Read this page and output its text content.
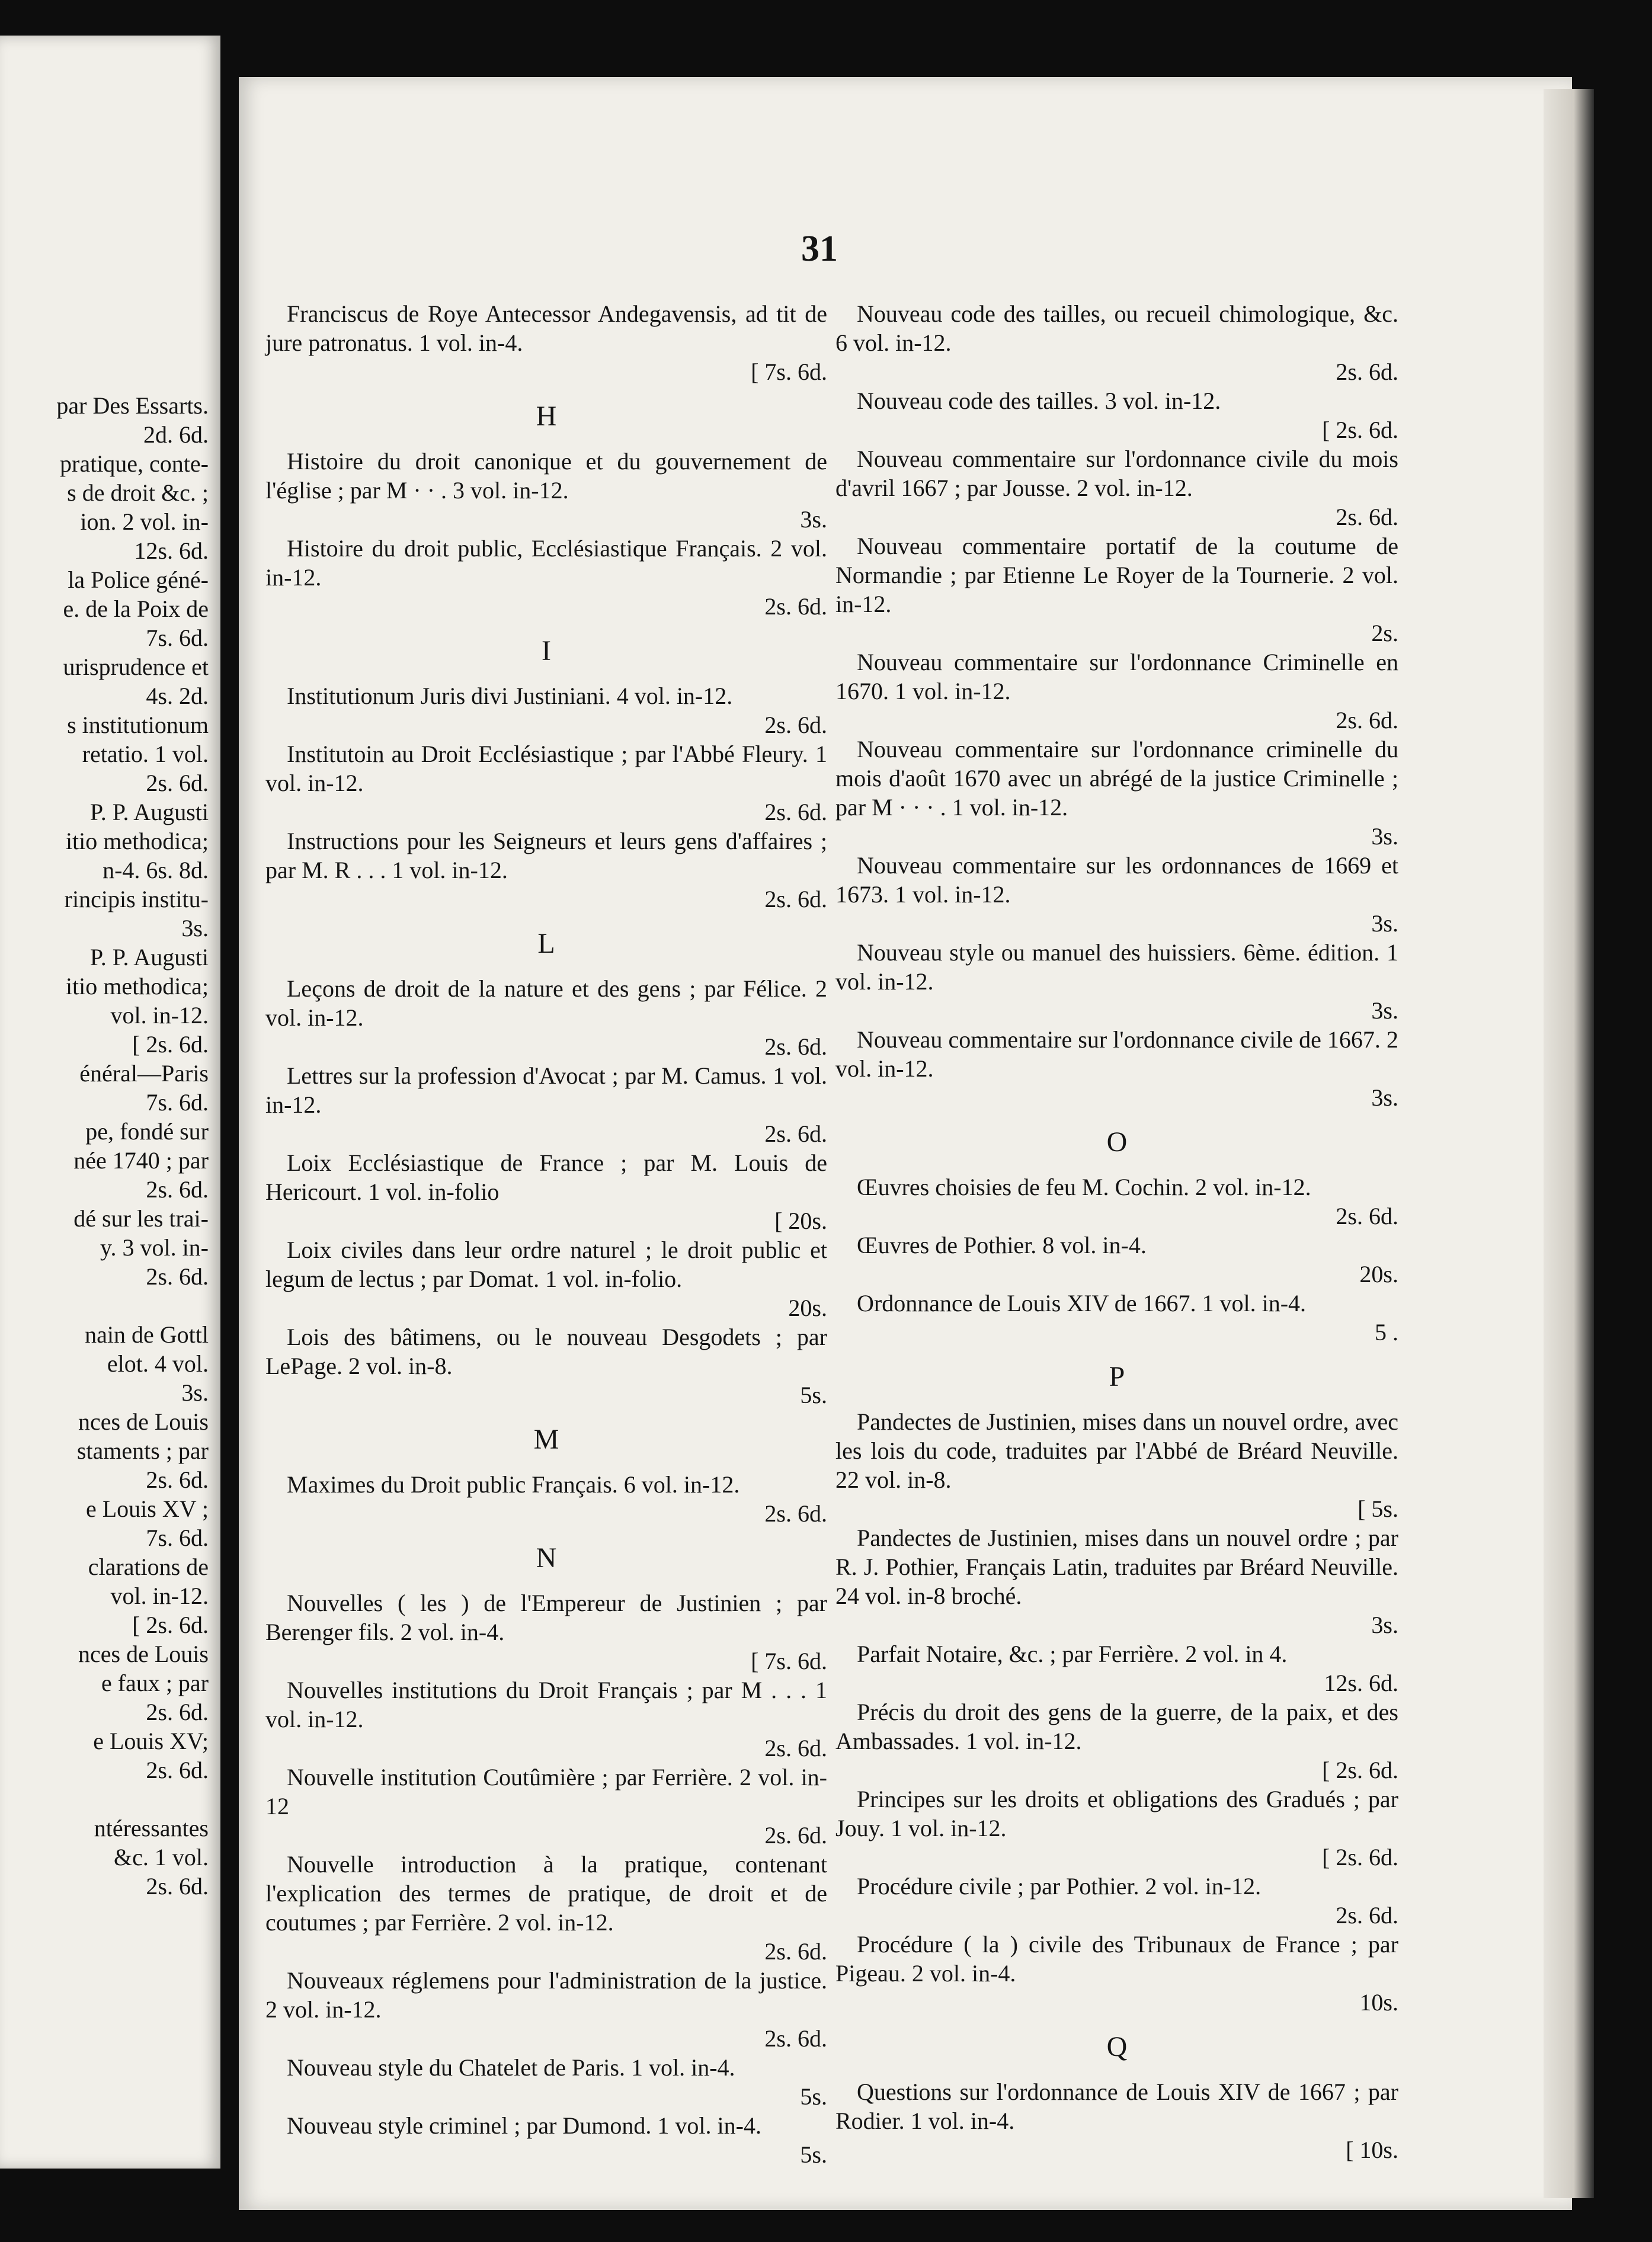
par Des Essarts.
2d. 6d.
pratique, conte-
s de droit &c. ;
ion. 2 vol. in-
12s. 6d.
la Police géné-
e. de la Poix de
7s. 6d.
urisprudence et
4s. 2d.
s institutionum
retatio. 1 vol.
2s. 6d.
P. P. Augusti
itio methodica;
n-4. 6s. 8d.
rincipis institu-
3s.
P. P. Augusti
itio methodica;
vol. in-12.
[ 2s. 6d.
énéral—Paris
7s. 6d.
pe, fondé sur
née 1740 ; par
2s. 6d.
dé sur les trai-
y. 3 vol. in-
2s. 6d.

nain de Gottl
elot. 4 vol.
3s.
nces de Louis
staments ; par
2s. 6d.
e Louis XV ;
7s. 6d.
clarations de
vol. in-12.
[ 2s. 6d.
nces de Louis
e faux ; par
2s. 6d.
e Louis XV;
2s. 6d.

ntéressantes
&c. 1 vol.
2s. 6d.
31
Franciscus de Roye Antecessor Andegavensis, ad tit de jure patronatus. 1 vol. in-4.
[ 7s. 6d.
H
Histoire du droit canonique et du gouvernement de l'église ; par M · · . 3 vol. in-12.
3s.
Histoire du droit public, Ecclésiastique Français. 2 vol. in-12.
2s. 6d.
I
Institutionum Juris divi Justiniani. 4 vol. in-12.
2s. 6d.
Institutoin au Droit Ecclésiastique ; par l'Abbé Fleury. 1 vol. in-12.
2s. 6d.
Instructions pour les Seigneurs et leurs gens d'affaires ; par M. R . . . 1 vol. in-12.
2s. 6d.
L
Leçons de droit de la nature et des gens ; par Félice. 2 vol. in-12.
2s. 6d.
Lettres sur la profession d'Avocat ; par M. Camus. 1 vol. in-12.
2s. 6d.
Loix Ecclésiastique de France ; par M. Louis de Hericourt. 1 vol. in-folio
[ 20s.
Loix civiles dans leur ordre naturel ; le droit public et legum de lectus ; par Domat. 1 vol. in-folio.
20s.
Lois des bâtimens, ou le nouveau Desgodets ; par LePage. 2 vol. in-8.
5s.
M
Maximes du Droit public Français. 6 vol. in-12.
2s. 6d.
N
Nouvelles ( les ) de l'Empereur de Justinien ; par Berenger fils. 2 vol. in-4.
[ 7s. 6d.
Nouvelles institutions du Droit Français ; par M . . . 1 vol. in-12.
2s. 6d.
Nouvelle institution Coutûmière ; par Ferrière. 2 vol. in-12
2s. 6d.
Nouvelle introduction à la pratique, contenant l'explication des termes de pratique, de droit et de coutumes ; par Ferrière. 2 vol. in-12.
2s. 6d.
Nouveaux réglemens pour l'administration de la justice. 2 vol. in-12.
2s. 6d.
Nouveau style du Chatelet de Paris. 1 vol. in-4.
5s.
Nouveau style criminel ; par Dumond. 1 vol. in-4.
5s.
Nouveau code des tailles, ou recueil chimologique, &c. 6 vol. in-12.
2s. 6d.
Nouveau code des tailles. 3 vol. in-12.
[ 2s. 6d.
Nouveau commentaire sur l'ordonnance civile du mois d'avril 1667 ; par Jousse. 2 vol. in-12.
2s. 6d.
Nouveau commentaire portatif de la coutume de Normandie ; par Etienne Le Royer de la Tournerie. 2 vol. in-12.
2s.
Nouveau commentaire sur l'ordonnance Criminelle en 1670. 1 vol. in-12.
2s. 6d.
Nouveau commentaire sur l'ordonnance criminelle du mois d'août 1670 avec un abrégé de la justice Criminelle ; par M · · · . 1 vol. in-12.
3s.
Nouveau commentaire sur les ordonnances de 1669 et 1673. 1 vol. in-12.
3s.
Nouveau style ou manuel des huissiers. 6ème. édition. 1 vol. in-12.
3s.
Nouveau commentaire sur l'ordonnance civile de 1667. 2 vol. in-12.
3s.
O
Œuvres choisies de feu M. Cochin. 2 vol. in-12.
2s. 6d.
Œuvres de Pothier. 8 vol. in-4.
20s.
Ordonnance de Louis XIV de 1667. 1 vol. in-4.
5 .
P
Pandectes de Justinien, mises dans un nouvel ordre, avec les lois du code, traduites par l'Abbé de Bréard Neuville. 22 vol. in-8.
[ 5s.
Pandectes de Justinien, mises dans un nouvel ordre ; par R. J. Pothier, Français Latin, traduites par Bréard Neuville. 24 vol. in-8 broché.
3s.
Parfait Notaire, &c. ; par Ferrière. 2 vol. in 4.
12s. 6d.
Précis du droit des gens de la guerre, de la paix, et des Ambassades. 1 vol. in-12.
[ 2s. 6d.
Principes sur les droits et obligations des Gradués ; par Jouy. 1 vol. in-12.
[ 2s. 6d.
Procédure civile ; par Pothier. 2 vol. in-12.
2s. 6d.
Procédure ( la ) civile des Tribunaux de France ; par Pigeau. 2 vol. in-4.
10s.
Q
Questions sur l'ordonnance de Louis XIV de 1667 ; par Rodier. 1 vol. in-4.
[ 10s.
